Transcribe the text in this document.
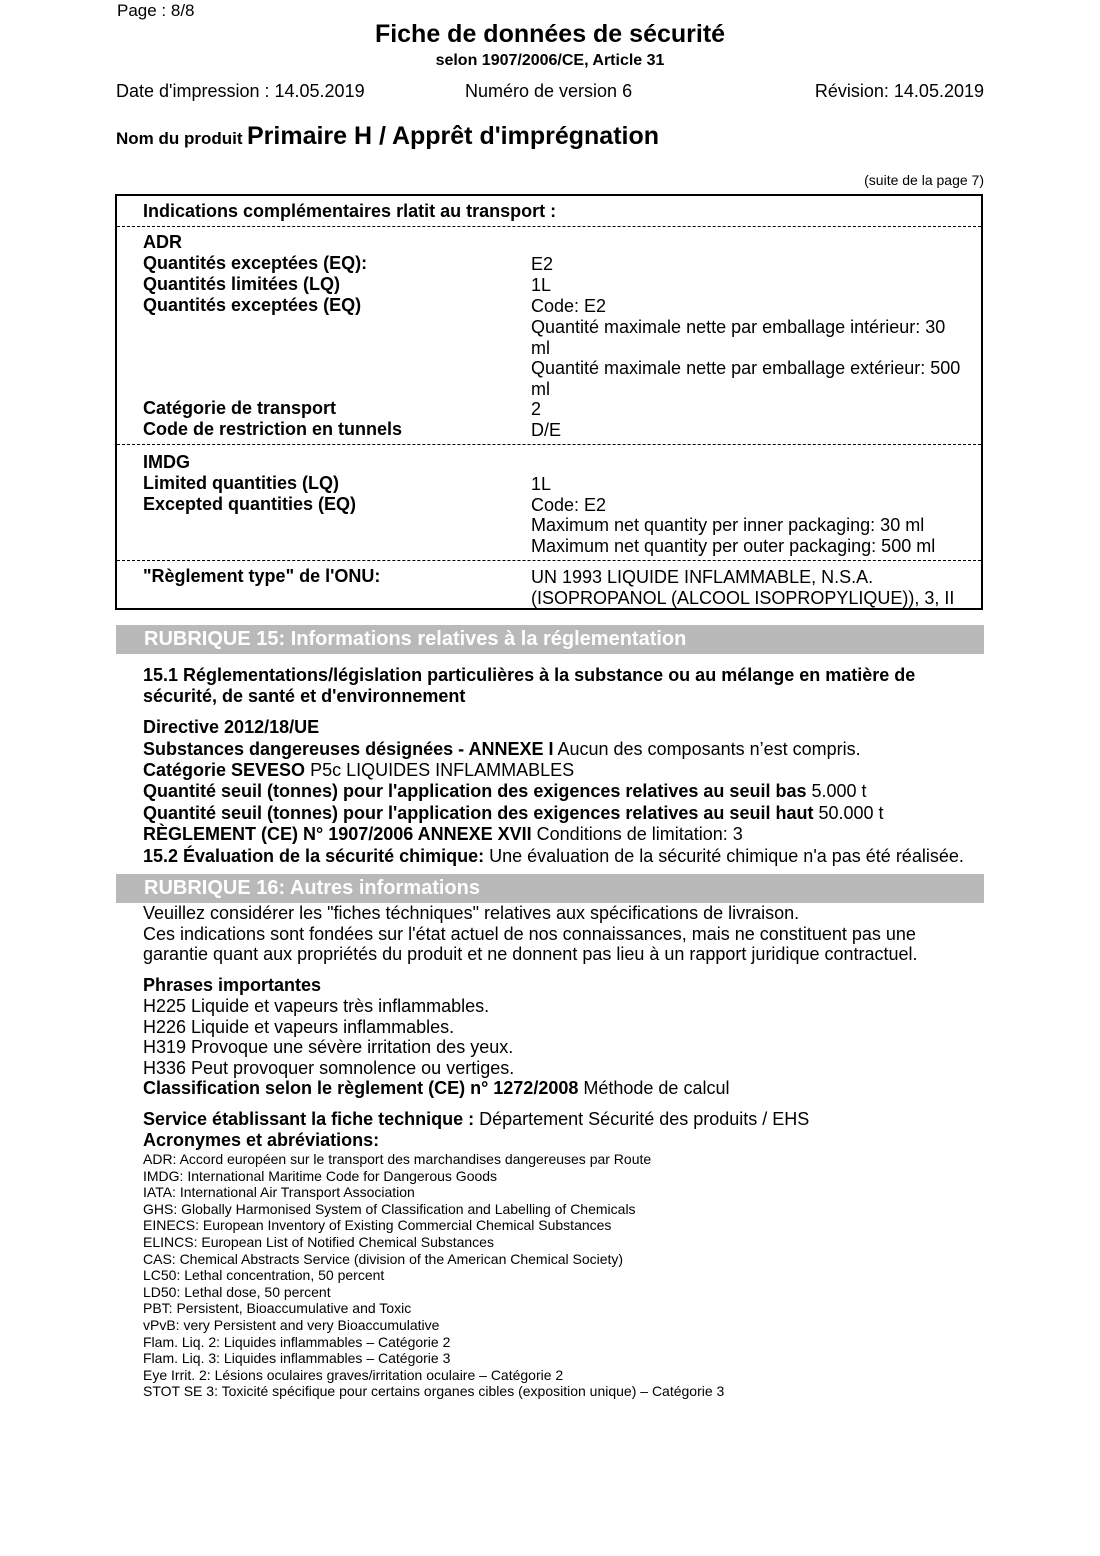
Page : 8/8
Fiche de données de sécurité
selon 1907/2006/CE, Article 31
Date d'impression : 14.05.2019	Numéro de version 6	Révision: 14.05.2019
Nom du produit Primaire H / Apprêt d'imprégnation
(suite de la page 7)
Indications complémentaires rlatit au transport :
ADR
Quantités exceptées (EQ):	E2
Quantités limitées (LQ)	1L
Quantités exceptées (EQ)	Code: E2
Quantité maximale nette par emballage intérieur: 30
ml
Quantité maximale nette par emballage extérieur: 500
ml
Catégorie de transport	2
Code de restriction en tunnels	D/E
IMDG
Limited quantities (LQ)	1L
Excepted quantities (EQ)	Code: E2
Maximum net quantity per inner packaging: 30 ml
Maximum net quantity per outer packaging: 500 ml
"Règlement type" de l'ONU:	UN 1993 LIQUIDE INFLAMMABLE, N.S.A.
(ISOPROPANOL (ALCOOL ISOPROPYLIQUE)), 3, II
RUBRIQUE 15: Informations relatives à la réglementation
15.1 Réglementations/législation particulières à la substance ou au mélange en matière de
sécurité, de santé et d'environnement
Directive 2012/18/UE
Substances dangereuses désignées - ANNEXE I Aucun des composants n’est compris.
Catégorie SEVESO P5c LIQUIDES INFLAMMABLES
Quantité seuil (tonnes) pour l'application des exigences relatives au seuil bas 5.000 t
Quantité seuil (tonnes) pour l'application des exigences relatives au seuil haut 50.000 t
RÈGLEMENT (CE) N° 1907/2006 ANNEXE XVII Conditions de limitation: 3
15.2 Évaluation de la sécurité chimique: Une évaluation de la sécurité chimique n'a pas été réalisée.
RUBRIQUE 16: Autres informations
Veuillez considérer les "fiches téchniques" relatives aux spécifications de livraison.
Ces indications sont fondées sur l'état actuel de nos connaissances, mais ne constituent pas une
garantie quant aux propriétés du produit et ne donnent pas lieu à un rapport juridique contractuel.
Phrases importantes
H225 Liquide et vapeurs très inflammables.
H226 Liquide et vapeurs inflammables.
H319 Provoque une sévère irritation des yeux.
H336 Peut provoquer somnolence ou vertiges.
Classification selon le règlement (CE) n° 1272/2008 Méthode de calcul
Service établissant la fiche technique : Département Sécurité des produits / EHS
Acronymes et abréviations:
ADR: Accord européen sur le transport des marchandises dangereuses par Route
IMDG: International Maritime Code for Dangerous Goods
IATA: International Air Transport Association
GHS: Globally Harmonised System of Classification and Labelling of Chemicals
EINECS: European Inventory of Existing Commercial Chemical Substances
ELINCS: European List of Notified Chemical Substances
CAS: Chemical Abstracts Service (division of the American Chemical Society)
LC50: Lethal concentration, 50 percent
LD50: Lethal dose, 50 percent
PBT: Persistent, Bioaccumulative and Toxic
vPvB: very Persistent and very Bioaccumulative
Flam. Liq. 2: Liquides inflammables – Catégorie 2
Flam. Liq. 3: Liquides inflammables – Catégorie 3
Eye Irrit. 2: Lésions oculaires graves/irritation oculaire – Catégorie 2
STOT SE 3: Toxicité spécifique pour certains organes cibles (exposition unique) – Catégorie 3
